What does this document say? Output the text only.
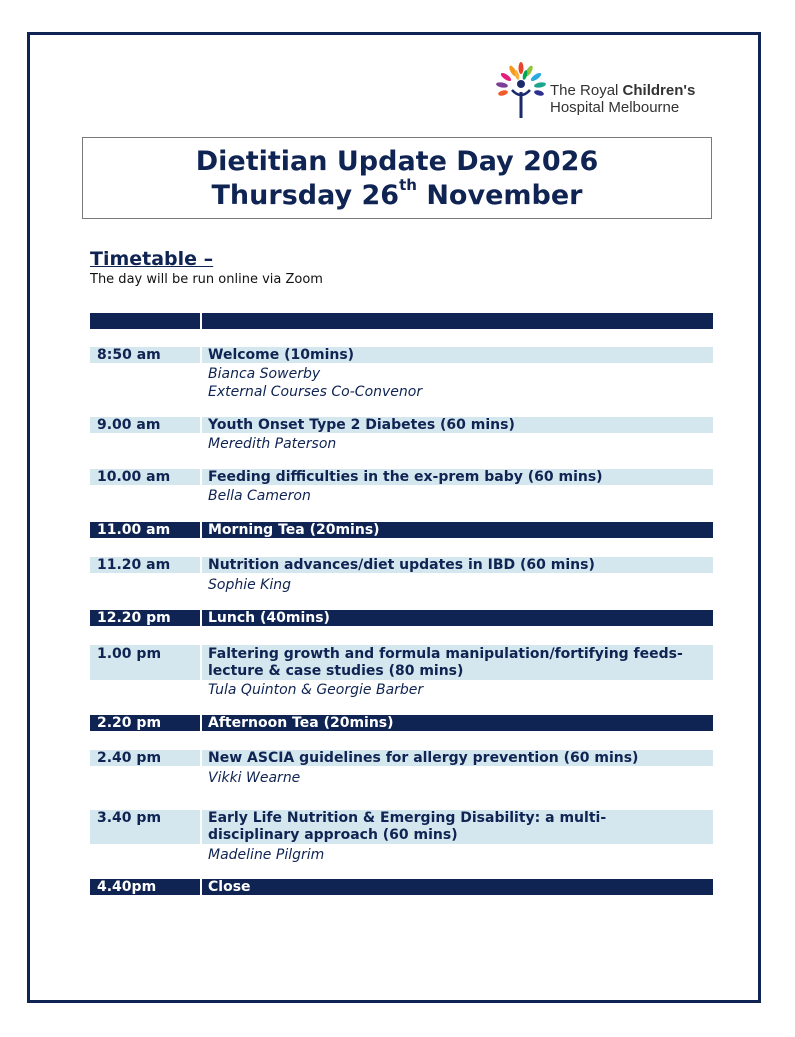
The Royal Children's
Hospital Melbourne
Dietitian Update Day 2026
Thursday 26th November
Timetable –
The day will be run online via Zoom
8:50 am	Welcome (10mins)
Bianca Sowerby
External Courses Co-Convenor
9.00 am	Youth Onset Type 2 Diabetes (60 mins)
Meredith Paterson
10.00 am	Feeding difficulties in the ex-prem baby (60 mins)
Bella Cameron
11.00 am	Morning Tea (20mins)
11.20 am	Nutrition advances/diet updates in IBD (60 mins)
Sophie King
12.20 pm	Lunch (40mins)
1.00 pm	Faltering growth and formula manipulation/fortifying feeds-
lecture & case studies (80 mins)
Tula Quinton & Georgie Barber
2.20 pm	Afternoon Tea (20mins)
2.40 pm	New ASCIA guidelines for allergy prevention (60 mins)
Vikki Wearne
3.40 pm	Early Life Nutrition & Emerging Disability: a multi-
disciplinary approach (60 mins)
Madeline Pilgrim
4.40pm	Close
